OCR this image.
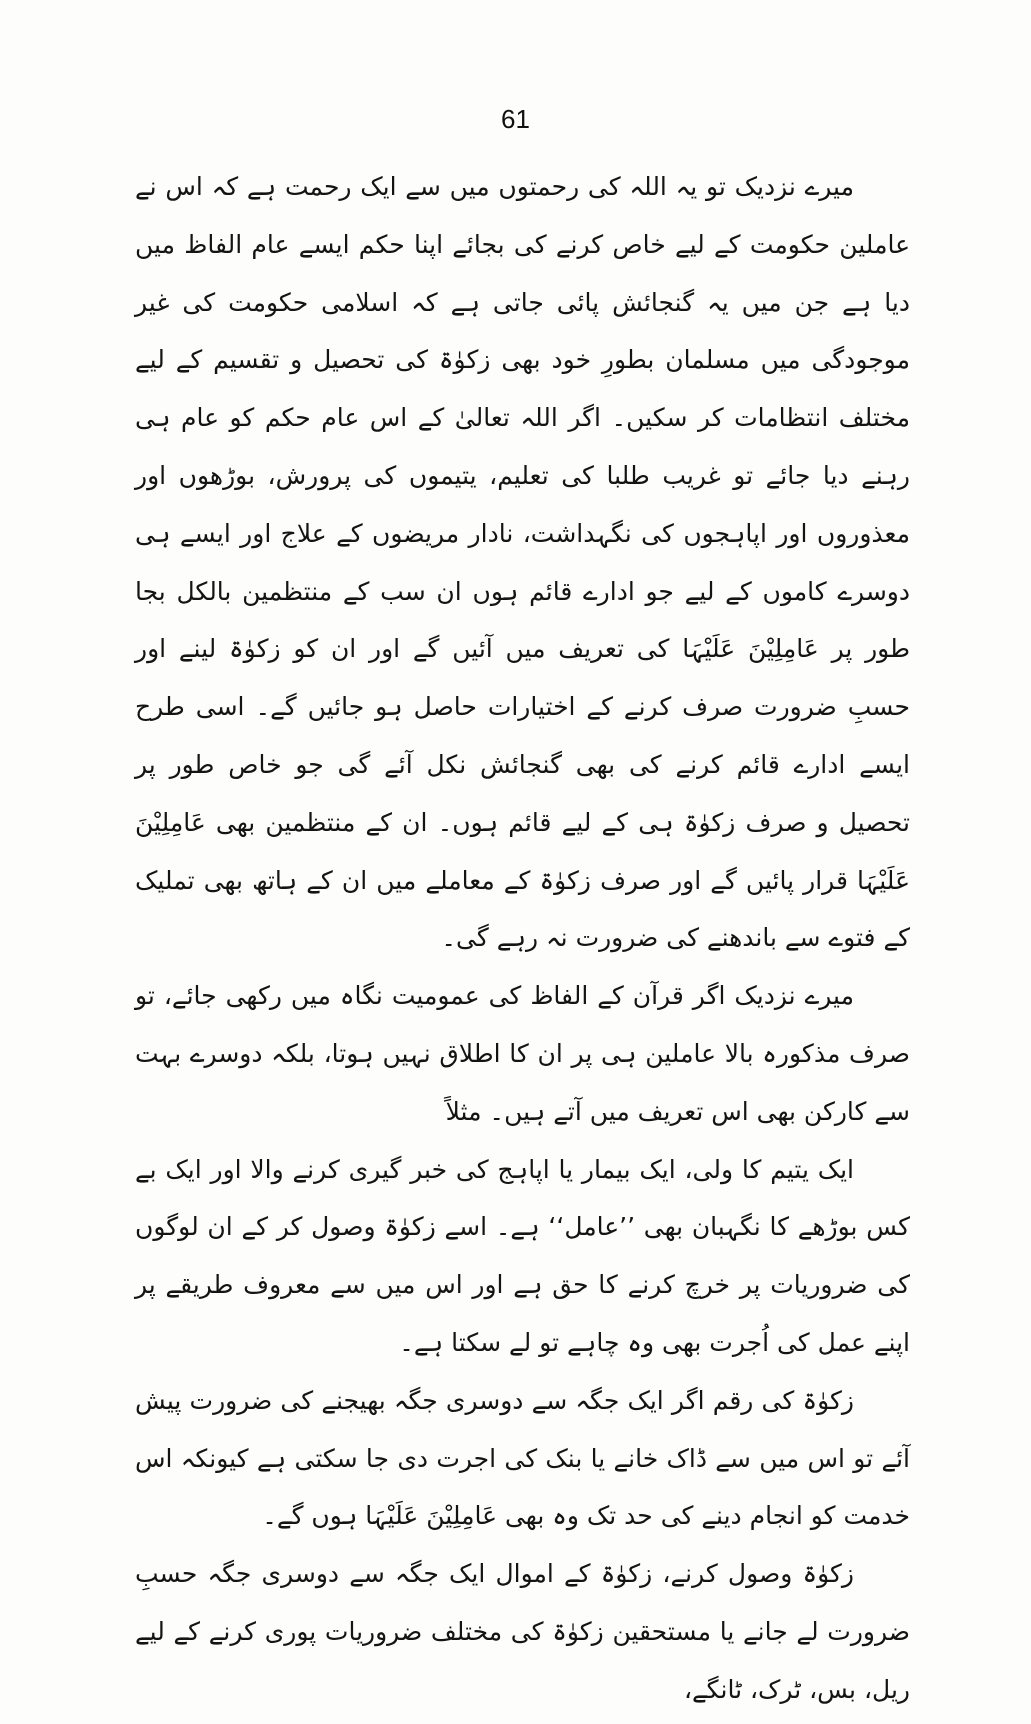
61

میرے نزدیک تو یہ اللہ کی رحمتوں میں سے ایک رحمت ہے کہ اس نے عاملین حکومت کے لیے خاص کرنے کی بجائے اپنا حکم ایسے عام الفاظ میں دیا ہے جن میں یہ گنجائش پائی جاتی ہے کہ اسلامی حکومت کی غیر موجودگی میں مسلمان بطورِ خود بھی زکوٰۃ کی تحصیل و تقسیم کے لیے مختلف انتظامات کر سکیں۔ اگر اللہ تعالیٰ کے اس عام حکم کو عام ہی رہنے دیا جائے تو غریب طلبا کی تعلیم، یتیموں کی پرورش، بوڑھوں اور معذوروں اور اپاہجوں کی نگہداشت، نادار مریضوں کے علاج اور ایسے ہی دوسرے کاموں کے لیے جو ادارے قائم ہوں ان سب کے منتظمین بالکل بجا طور پر عَامِلِیْنَ عَلَیْہَا کی تعریف میں آئیں گے اور ان کو زکوٰۃ لینے اور حسبِ ضرورت صرف کرنے کے اختیارات حاصل ہو جائیں گے۔ اسی طرح ایسے ادارے قائم کرنے کی بھی گنجائش نکل آئے گی جو خاص طور پر تحصیل و صرف زکوٰۃ ہی کے لیے قائم ہوں۔ ان کے منتظمین بھی عَامِلِیْنَ عَلَیْہَا قرار پائیں گے اور صرف زکوٰۃ کے معاملے میں ان کے ہاتھ بھی تملیک کے فتوے سے باندھنے کی ضرورت نہ رہے گی۔

میرے نزدیک اگر قرآن کے الفاظ کی عمومیت نگاہ میں رکھی جائے، تو صرف مذکورہ بالا عاملین ہی پر ان کا اطلاق نہیں ہوتا، بلکہ دوسرے بہت سے کارکن بھی اس تعریف میں آتے ہیں۔ مثلاً

ایک یتیم کا ولی، ایک بیمار یا اپاہج کی خبر گیری کرنے والا اور ایک بے کس بوڑھے کا نگہبان بھی ’’عامل‘‘ ہے۔ اسے زکوٰۃ وصول کر کے ان لوگوں کی ضروریات پر خرچ کرنے کا حق ہے اور اس میں سے معروف طریقے پر اپنے عمل کی اُجرت بھی وہ چاہے تو لے سکتا ہے۔

زکوٰۃ کی رقم اگر ایک جگہ سے دوسری جگہ بھیجنے کی ضرورت پیش آئے تو اس میں سے ڈاک خانے یا بنک کی اجرت دی جا سکتی ہے کیونکہ اس خدمت کو انجام دینے کی حد تک وہ بھی عَامِلِیْنَ عَلَیْہَا ہوں گے۔

زکوٰۃ وصول کرنے، زکوٰۃ کے اموال ایک جگہ سے دوسری جگہ حسبِ ضرورت لے جانے یا مستحقین زکوٰۃ کی مختلف ضروریات پوری کرنے کے لیے ریل، بس، ٹرک، ٹانگے،
